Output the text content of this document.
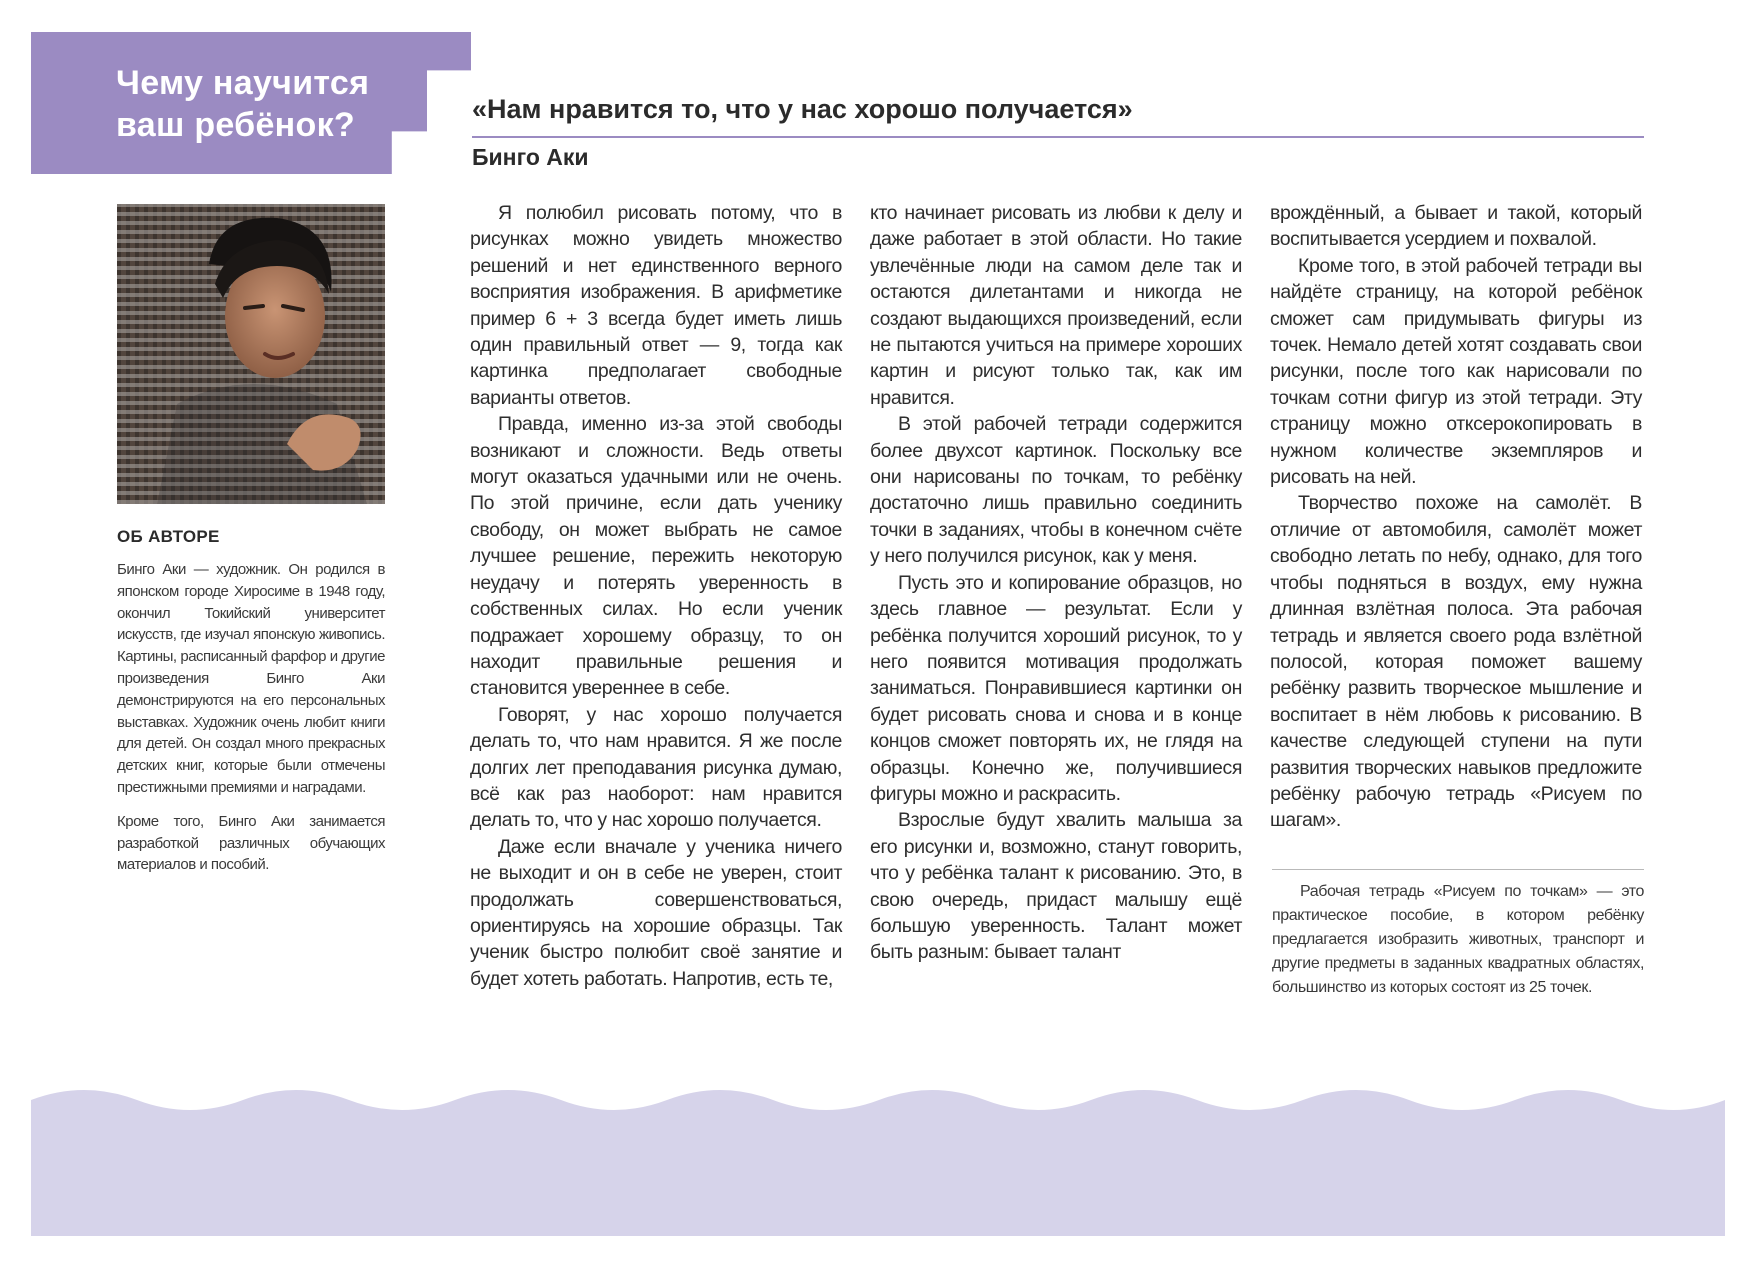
Чему научится ваш ребёнок?	«Нам нравится то, что у нас хорошо получается»
Бинго Аки
ОБ АВТОРЕ

Бинго Аки — художник. Он родился в японском городе Хиросиме в 1948 году, окончил Токийский университет искусств, где изучал японскую живопись. Картины, расписанный фарфор и другие произведения Бинго Аки демонстрируются на его персональных выставках. Художник очень любит книги для детей. Он создал много прекрасных детских книг, которые были отмечены престижными премиями и наградами.

Кроме того, Бинго Аки занимается разработкой различных обучающих материалов и пособий.

Я полюбил рисовать потому, что в рисунках можно увидеть множество решений и нет единственного верного восприятия изображения. В арифметике пример 6 + 3 всегда будет иметь лишь один правильный ответ — 9, тогда как картинка предполагает свободные варианты ответов.

Правда, именно из-за этой свободы возникают и сложности. Ведь ответы могут оказаться удачными или не очень. По этой причине, если дать ученику свободу, он может выбрать не самое лучшее решение, пережить некоторую неудачу и потерять уверенность в собственных силах. Но если ученик подражает хорошему образцу, то он находит правильные решения и становится увереннее в себе.

Говорят, у нас хорошо получается делать то, что нам нравится. Я же после долгих лет преподавания рисунка думаю, всё как раз наоборот: нам нравится делать то, что у нас хорошо получается.

Даже если вначале у ученика ничего не выходит и он в себе не уверен, стоит продолжать совершенствоваться, ориентируясь на хорошие образцы. Так ученик быстро полюбит своё занятие и будет хотеть работать. Напротив, есть те,

кто начинает рисовать из любви к делу и даже работает в этой области. Но такие увлечённые люди на самом деле так и остаются дилетантами и никогда не создают выдающихся произведений, если не пытаются учиться на примере хороших картин и рисуют только так, как им нравится.

В этой рабочей тетради содержится более двухсот картинок. Поскольку все они нарисованы по точкам, то ребёнку достаточно лишь правильно соединить точки в заданиях, чтобы в конечном счёте у него получился рисунок, как у меня.

Пусть это и копирование образцов, но здесь главное — результат. Если у ребёнка получится хороший рисунок, то у него появится мотивация продолжать заниматься. Понравившиеся картинки он будет рисовать снова и снова и в конце концов сможет повторять их, не глядя на образцы. Конечно же, получившиеся фигуры можно и раскрасить.

Взрослые будут хвалить малыша за его рисунки и, возможно, станут говорить, что у ребёнка талант к рисованию. Это, в свою очередь, придаст малышу ещё большую уверенность. Талант может быть разным: бывает талант

врождённый, а бывает и такой, который воспитывается усердием и похвалой.

Кроме того, в этой рабочей тетради вы найдёте страницу, на которой ребёнок сможет сам придумывать фигуры из точек. Немало детей хотят создавать свои рисунки, после того как нарисовали по точкам сотни фигур из этой тетради. Эту страницу можно отксерокопировать в нужном количестве экземпляров и рисовать на ней.

Творчество похоже на самолёт. В отличие от автомобиля, самолёт может свободно летать по небу, однако, для того чтобы подняться в воздух, ему нужна длинная взлётная полоса. Эта рабочая тетрадь и является своего рода взлётной полосой, которая поможет вашему ребёнку развить творческое мышление и воспитает в нём любовь к рисованию. В качестве следующей ступени на пути развития творческих навыков предложите ребёнку рабочую тетрадь «Рисуем по шагам».

Рабочая тетрадь «Рисуем по точкам» — это практическое пособие, в котором ребёнку предлагается изобразить животных, транспорт и другие предметы в заданных квадратных областях, большинство из которых состоят из 25 точек.
